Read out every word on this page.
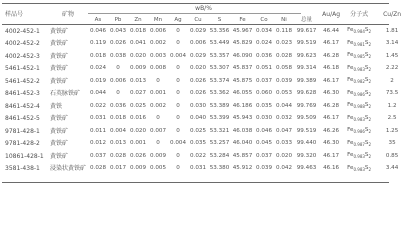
样品号	矿物	wB/%											Au/Ag	分子式	Cu/Zn
		As	Pb	Zn	Mn	Ag	Cu	S	Fe	Co	Ni	总量			
4002-452-1	黄铁矿	0.046	0.043	0.018	0.006	0	0.029	53.356	45.967	0.034	0.118	99.617	46.44	$Fe_{0.984}S_2$	1.81
4002-452-2	黄铁矿	0.119	0.026	0.041	0.002	0	0.006	53.449	45.829	0.024	0.023	99.519	46.17	$Fe_{0.981}S_2$	3.14
4002-452-3	黄铁矿	0.018	0.038	0.020	0.003	0.004	0.029	53.357	46.090	0.036	0.028	99.623	46.28	$Fe_{0.985}S_2$	1.45
5461-452-1	黄铁矿	0.024	0	0.009	0.008	0	0.020	53.307	45.837	0.051	0.058	99.314	46.18	$Fe_{0.983}S_2$	2.22
5461-452-2	黄铁矿	0.019	0.006	0.013	0	0	0.026	53.374	45.875	0.037	0.039	99.389	46.17	$Fe_{0.982}S_2$	2
8461-452-3	石英脉铁矿	0.044	0	0.027	0.001	0	0.026	53.362	46.055	0.060	0.053	99.628	46.30	$Fe_{0.986}S_2$	73.5
8461-452-4	黄铁	0.022	0.036	0.025	0.002	0	0.030	53.389	46.186	0.035	0.044	99.769	46.28	$Fe_{0.988}S_2$	1.2
8461-452-5	黄铁矿	0.031	0.018	0.016	0	0	0.040	53.399	45.943	0.030	0.032	99.509	46.17	$Fe_{0.983}S_2$	2.5
9781-428-1	黄铁矿	0.011	0.004	0.020	0.007	0	0.025	53.321	46.038	0.046	0.047	99.519	46.26	$Fe_{0.986}S_2$	1.25
9781-428-2	黄铁矿	0.012	0.013	0.001	0	0.004	0.035	53.257	46.040	0.045	0.033	99.440	46.30	$Fe_{0.987}S_2$	35
10861-428-1	黄铁矿	0.037	0.028	0.026	0.009	0	0.022	53.284	45.857	0.037	0.020	99.320	46.17	$Fe_{0.983}S_2$	0.85
3581-438-1	浸染状黄铁矿	0.028	0.017	0.009	0.005	0	0.031	53.380	45.912	0.039	0.042	99.463	46.16	$Fe_{0.983}S_2$	3.44
